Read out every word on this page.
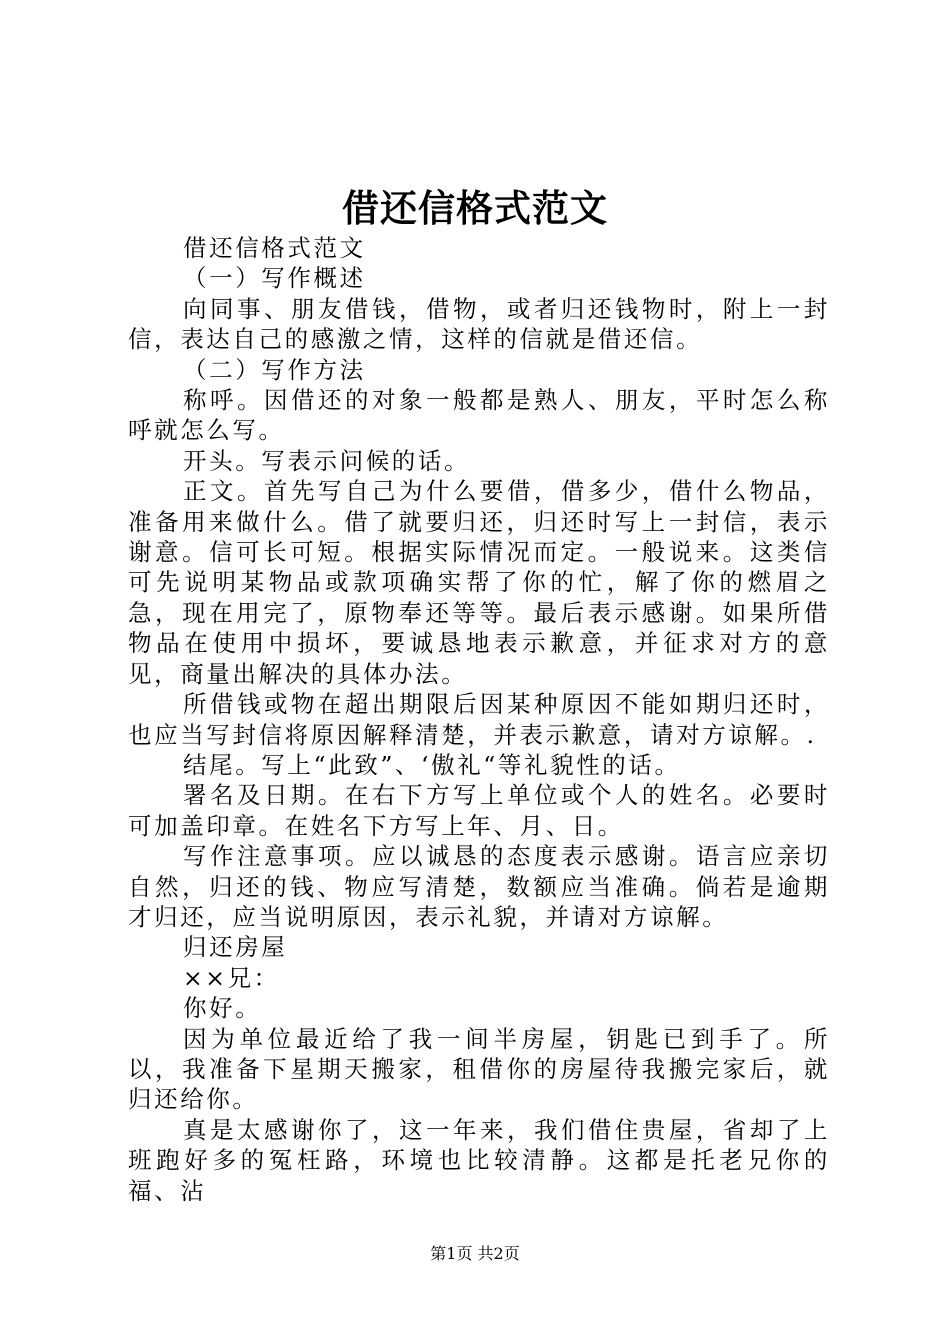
借还信格式范文

借还信格式范文

（一）写作概述

向同事、朋友借钱，借物，或者归还钱物时，附上一封信，表达自己的感激之情，这样的信就是借还信。

（二）写作方法

称呼。因借还的对象一般都是熟人、朋友，平时怎么称呼就怎么写。

开头。写表示问候的话。

正文。首先写自己为什么要借，借多少，借什么物品，准备用来做什么。借了就要归还，归还时写上一封信，表示谢意。信可长可短。根据实际情况而定。一般说来。这类信可先说明某物品或款项确实帮了你的忙，解了你的燃眉之急，现在用完了，原物奉还等等。最后表示感谢。如果所借物品在使用中损坏，要诚恳地表示歉意，并征求对方的意见，商量出解决的具体办法。

所借钱或物在超出期限后因某种原因不能如期归还时，也应当写封信将原因解释清楚，并表示歉意，请对方谅解。.

结尾。写上“此致”、‘傲礼“等礼貌性的话。

署名及日期。在右下方写上单位或个人的姓名。必要时可加盖印章。在姓名下方写上年、月、日。

写作注意事项。应以诚恳的态度表示感谢。语言应亲切自然，归还的钱、物应写清楚，数额应当准确。倘若是逾期才归还，应当说明原因，表示礼貌，并请对方谅解。

归还房屋

××兄：

你好。

因为单位最近给了我一间半房屋，钥匙已到手了。所以，我准备下星期天搬家，租借你的房屋待我搬完家后，就归还给你。

真是太感谢你了，这一年来，我们借住贵屋，省却了上班跑好多的冤枉路，环境也比较清静。这都是托老兄你的福、沾

第1页 共2页
